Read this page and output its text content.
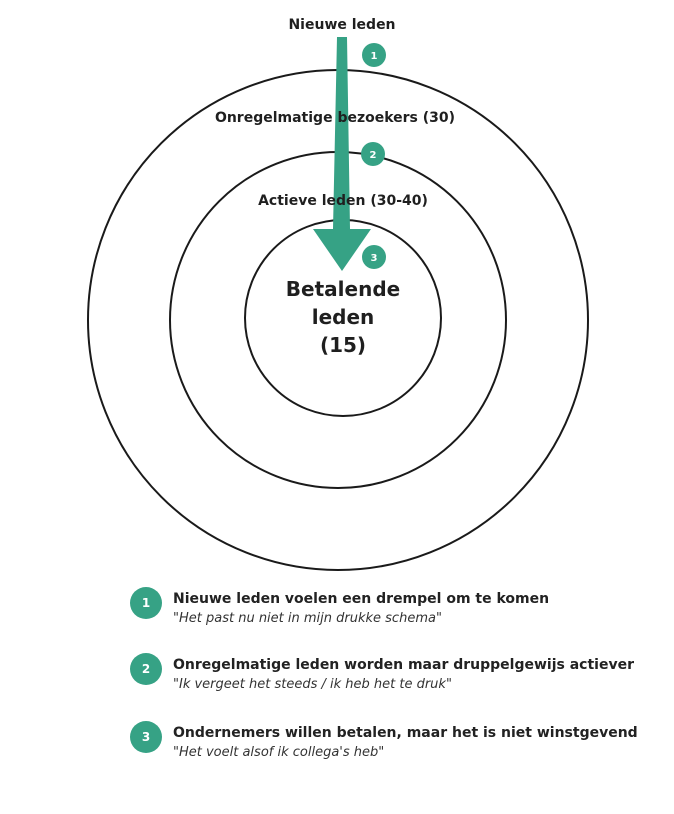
Nieuwe leden
Onregelmatige bezoekers (30)
Actieve leden (30-40)
Betalende
leden
(15)
1
2
3
1	Nieuwe leden voelen een drempel om te komen
"Het past nu niet in mijn drukke schema"
2	Onregelmatige leden worden maar druppelgewijs actiever
"Ik vergeet het steeds / ik heb het te druk"
3	Ondernemers willen betalen, maar het is niet winstgevend
"Het voelt alsof ik collega's heb"
